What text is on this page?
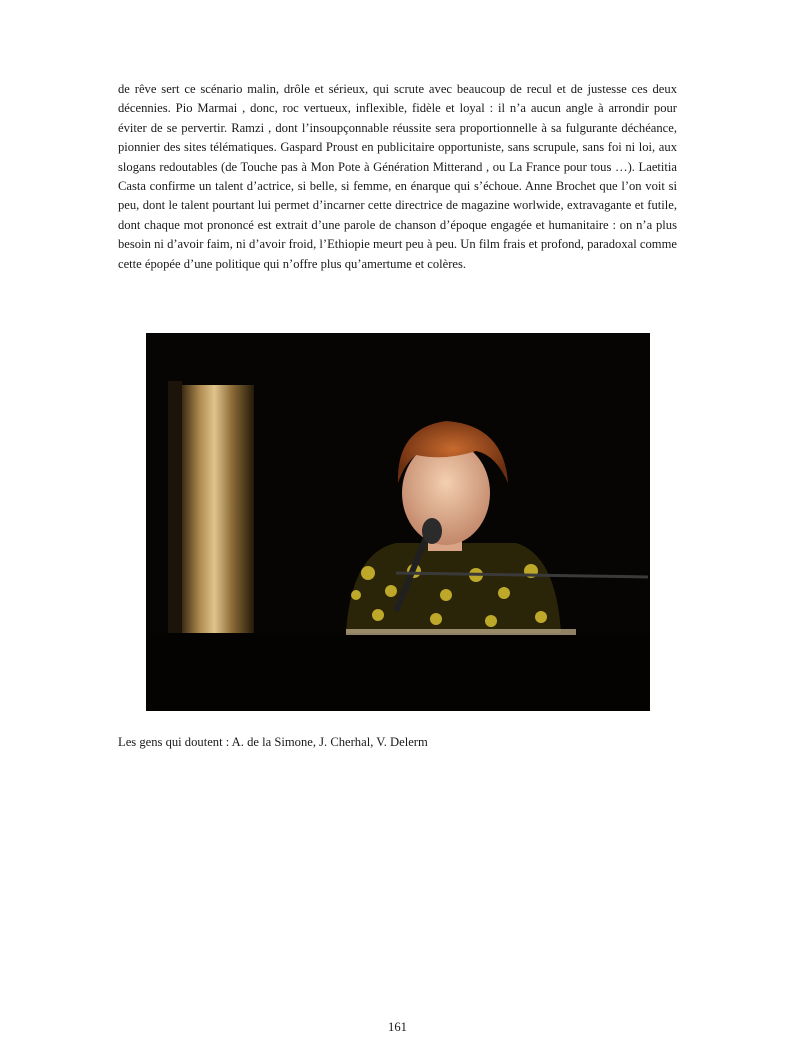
de rêve sert ce scénario malin, drôle et sérieux, qui scrute avec beaucoup de recul et de justesse ces deux décennies. Pio Marmai , donc, roc vertueux, inflexible, fidèle et loyal : il n’a aucun angle à arrondir pour éviter de se pervertir. Ramzi , dont l’insoupçonnable réussite sera proportionnelle à sa fulgurante déchéance, pionnier des sites télématiques. Gaspard Proust en publicitaire opportuniste, sans scrupule, sans foi ni loi, aux slogans redoutables (de Touche pas à Mon Pote à Génération Mitterand , ou La France pour tous …). Laetitia Casta confirme un talent d’actrice, si belle, si femme, en énarque qui s’échoue. Anne Brochet que l’on voit si peu, dont le talent pourtant lui permet d’incarner cette directrice de magazine worlwide, extravagante et futile, dont chaque mot prononcé est extrait d’une parole de chanson d’époque engagée et humanitaire : on n’a plus besoin ni d’avoir faim, ni d’avoir froid, l’Ethiopie meurt peu à peu. Un film frais et profond, paradoxal comme cette épopée d’une politique qui n’offre plus qu’amertume et colères.

Les gens qui doutent : A. de la Simone, J. Cherhal, V. Delerm

161
